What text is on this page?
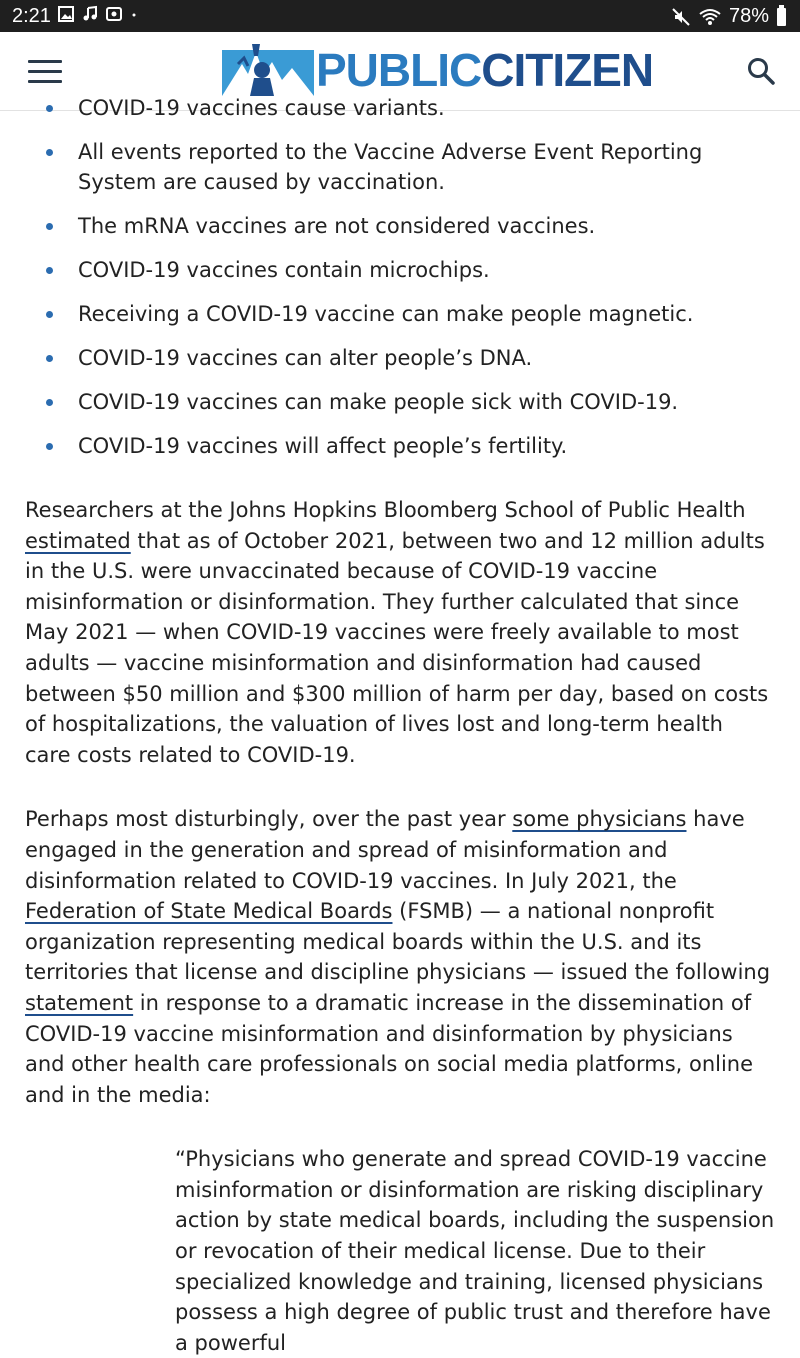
2:21	78%
PUBLICCITIZEN
COVID-19 vaccines cause variants.
All events reported to the Vaccine Adverse Event Reporting System are caused by vaccination.
The mRNA vaccines are not considered vaccines.
COVID-19 vaccines contain microchips.
Receiving a COVID-19 vaccine can make people magnetic.
COVID-19 vaccines can alter people’s DNA.
COVID-19 vaccines can make people sick with COVID-19.
COVID-19 vaccines will affect people’s fertility.

Researchers at the Johns Hopkins Bloomberg School of Public Health estimated that as of October 2021, between two and 12 million adults in the U.S. were unvaccinated because of COVID-19 vaccine misinformation or disinformation. They further calculated that since May 2021 — when COVID-19 vaccines were freely available to most adults — vaccine misinformation and disinformation had caused between $50 million and $300 million of harm per day, based on costs of hospitalizations, the valuation of lives lost and long-term health care costs related to COVID-19.

Perhaps most disturbingly, over the past year some physicians have engaged in the generation and spread of misinformation and disinformation related to COVID-19 vaccines. In July 2021, the Federation of State Medical Boards (FSMB) — a national nonprofit organization representing medical boards within the U.S. and its territories that license and discipline physicians — issued the following statement in response to a dramatic increase in the dissemination of COVID-19 vaccine misinformation and disinformation by physicians and other health care professionals on social media platforms, online and in the media:

“Physicians who generate and spread COVID-19 vaccine misinformation or disinformation are risking disciplinary action by state medical boards, including the suspension or revocation of their medical license. Due to their specialized knowledge and training, licensed physicians possess a high degree of public trust and therefore have a powerful
